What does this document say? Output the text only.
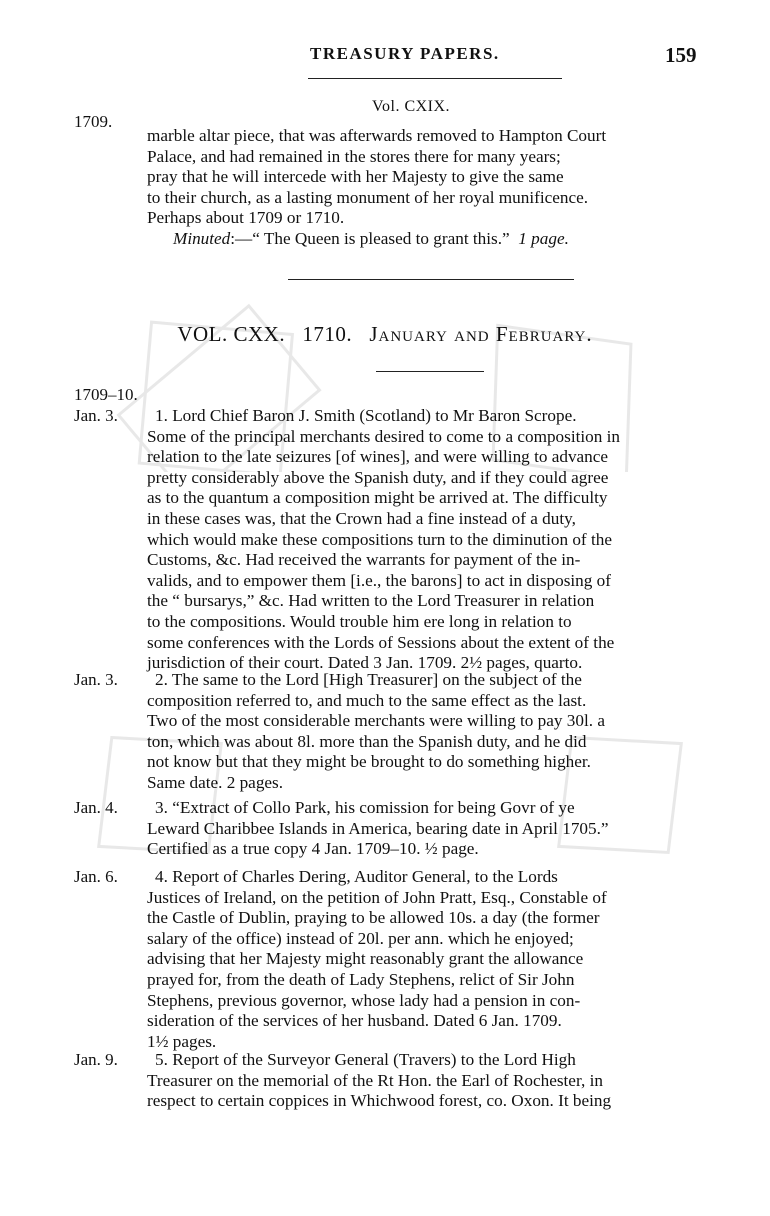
TREASURY PAPERS.	159
Vol. CXIX.
1709.
marble altar piece, that was afterwards removed to Hampton Court
Palace, and had remained in the stores there for many years;
pray that he will intercede with her Majesty to give the same
to their church, as a lasting monument of her royal munificence.
Perhaps about 1709 or 1710.
Minuted:—“ The Queen is pleased to grant this.” 1 page.
VOL. CXX. 1710. January and February.
1709–10.
Jan. 3.	1. Lord Chief Baron J. Smith (Scotland) to Mr Baron Scrope.
Some of the principal merchants desired to come to a composition in
relation to the late seizures [of wines], and were willing to advance
pretty considerably above the Spanish duty, and if they could agree
as to the quantum a composition might be arrived at. The difficulty
in these cases was, that the Crown had a fine instead of a duty,
which would make these compositions turn to the diminution of the
Customs, &c. Had received the warrants for payment of the in-
valids, and to empower them [i.e., the barons] to act in disposing of
the “ bursarys,” &c. Had written to the Lord Treasurer in relation
to the compositions. Would trouble him ere long in relation to
some conferences with the Lords of Sessions about the extent of the
jurisdiction of their court. Dated 3 Jan. 1709. 2½ pages, quarto.
Jan. 3.	2. The same to the Lord [High Treasurer] on the subject of the
composition referred to, and much to the same effect as the last.
Two of the most considerable merchants were willing to pay 30l. a
ton, which was about 8l. more than the Spanish duty, and he did
not know but that they might be brought to do something higher.
Same date. 2 pages.
Jan. 4.	3. “Extract of Collo Park, his comission for being Govr of ye
Leward Charibbee Islands in America, bearing date in April 1705.”
Certified as a true copy 4 Jan. 1709–10. ½ page.
Jan. 6.	4. Report of Charles Dering, Auditor General, to the Lords
Justices of Ireland, on the petition of John Pratt, Esq., Constable of
the Castle of Dublin, praying to be allowed 10s. a day (the former
salary of the office) instead of 20l. per ann. which he enjoyed;
advising that her Majesty might reasonably grant the allowance
prayed for, from the death of Lady Stephens, relict of Sir John
Stephens, previous governor, whose lady had a pension in con-
sideration of the services of her husband. Dated 6 Jan. 1709.
1½ pages.
Jan. 9.	5. Report of the Surveyor General (Travers) to the Lord High
Treasurer on the memorial of the Rt Hon. the Earl of Rochester, in
respect to certain coppices in Whichwood forest, co. Oxon. It being
